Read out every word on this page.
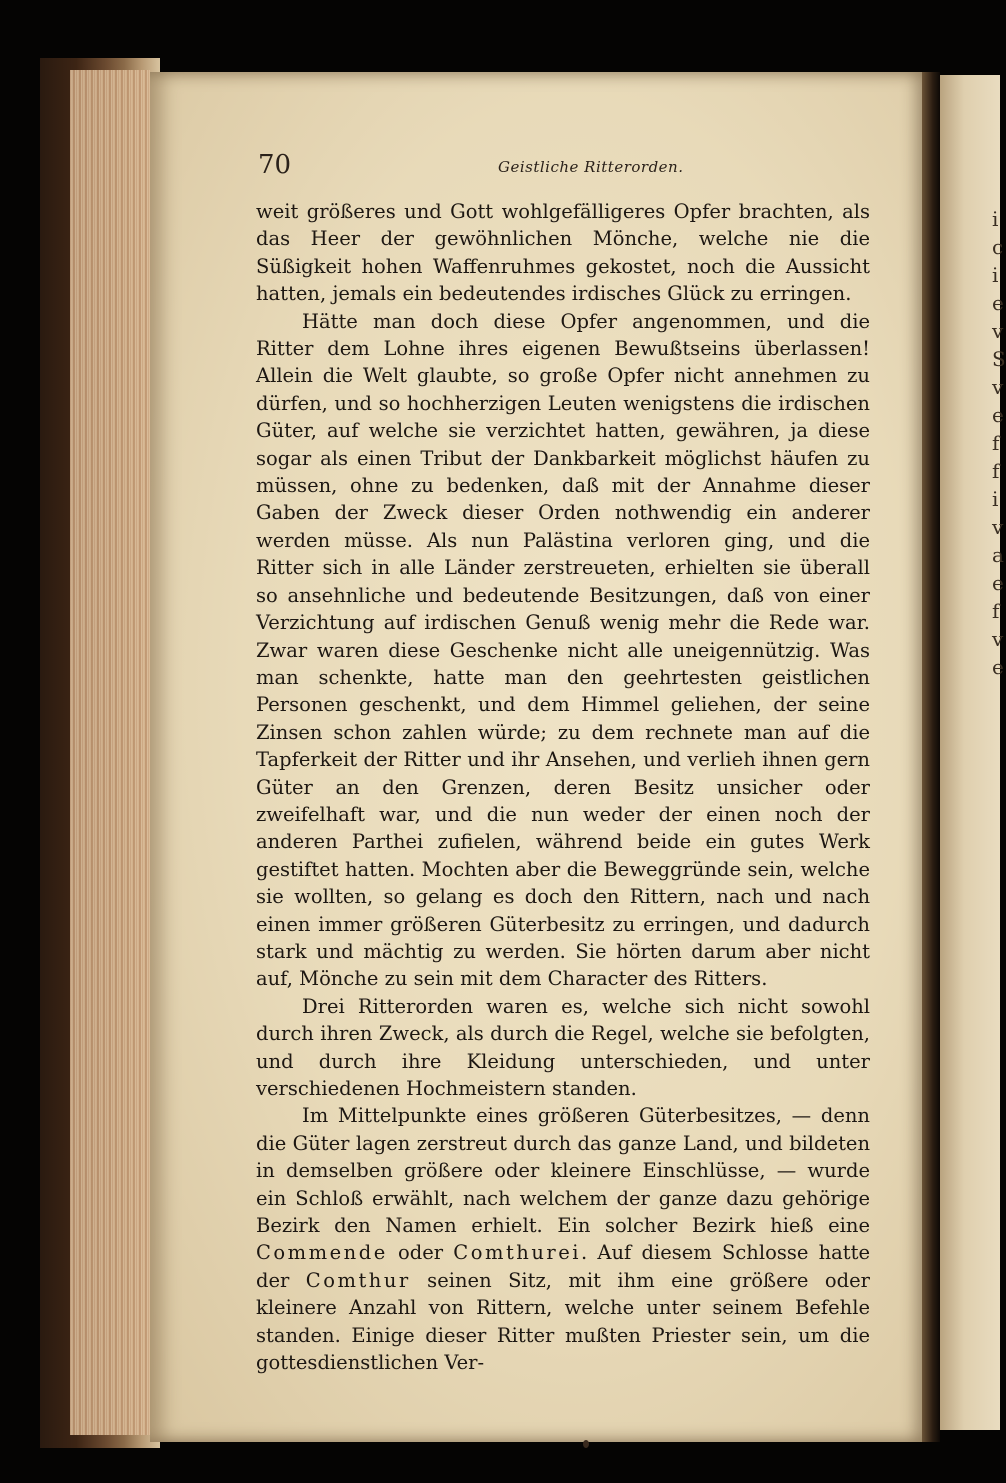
i c i e v S v e f f i v a e f v e
70	Geistliche Ritterorden.

weit größeres und Gott wohlgefälligeres Opfer brachten, als das Heer der gewöhnlichen Mönche, welche nie die Süßigkeit hohen Waffenruhmes gekostet, noch die Aussicht hatten, jemals ein bedeutendes irdisches Glück zu erringen.

Hätte man doch diese Opfer angenommen, und die Ritter dem Lohne ihres eigenen Bewußtseins überlassen! Allein die Welt glaubte, so große Opfer nicht annehmen zu dürfen, und so hochherzigen Leuten wenigstens die irdischen Güter, auf welche sie verzichtet hatten, gewähren, ja diese sogar als einen Tribut der Dankbarkeit möglichst häufen zu müssen, ohne zu bedenken, daß mit der Annahme dieser Gaben der Zweck dieser Orden nothwendig ein anderer werden müsse. Als nun Palästina verloren ging, und die Ritter sich in alle Länder zerstreueten, erhielten sie überall so ansehnliche und bedeutende Besitzungen, daß von einer Verzichtung auf irdischen Genuß wenig mehr die Rede war. Zwar waren diese Geschenke nicht alle uneigennützig. Was man schenkte, hatte man den geehrtesten geistlichen Personen geschenkt, und dem Himmel geliehen, der seine Zinsen schon zahlen würde; zu dem rechnete man auf die Tapferkeit der Ritter und ihr Ansehen, und verlieh ihnen gern Güter an den Grenzen, deren Besitz unsicher oder zweifelhaft war, und die nun weder der einen noch der anderen Parthei zufielen, während beide ein gutes Werk gestiftet hatten. Mochten aber die Beweggründe sein, welche sie wollten, so gelang es doch den Rittern, nach und nach einen immer größeren Güterbesitz zu erringen, und dadurch stark und mächtig zu werden. Sie hörten darum aber nicht auf, Mönche zu sein mit dem Character des Ritters.

Drei Ritterorden waren es, welche sich nicht sowohl durch ihren Zweck, als durch die Regel, welche sie befolgten, und durch ihre Kleidung unterschieden, und unter verschiedenen Hochmeistern standen.

Im Mittelpunkte eines größeren Güterbesitzes, — denn die Güter lagen zerstreut durch das ganze Land, und bildeten in demselben größere oder kleinere Einschlüsse, — wurde ein Schloß erwählt, nach welchem der ganze dazu gehörige Bezirk den Namen erhielt. Ein solcher Bezirk hieß eine Commende oder Comthurei. Auf diesem Schlosse hatte der Comthur seinen Sitz, mit ihm eine größere oder kleinere Anzahl von Rittern, welche unter seinem Befehle standen. Einige dieser Ritter mußten Priester sein, um die gottesdienstlichen Ver-
